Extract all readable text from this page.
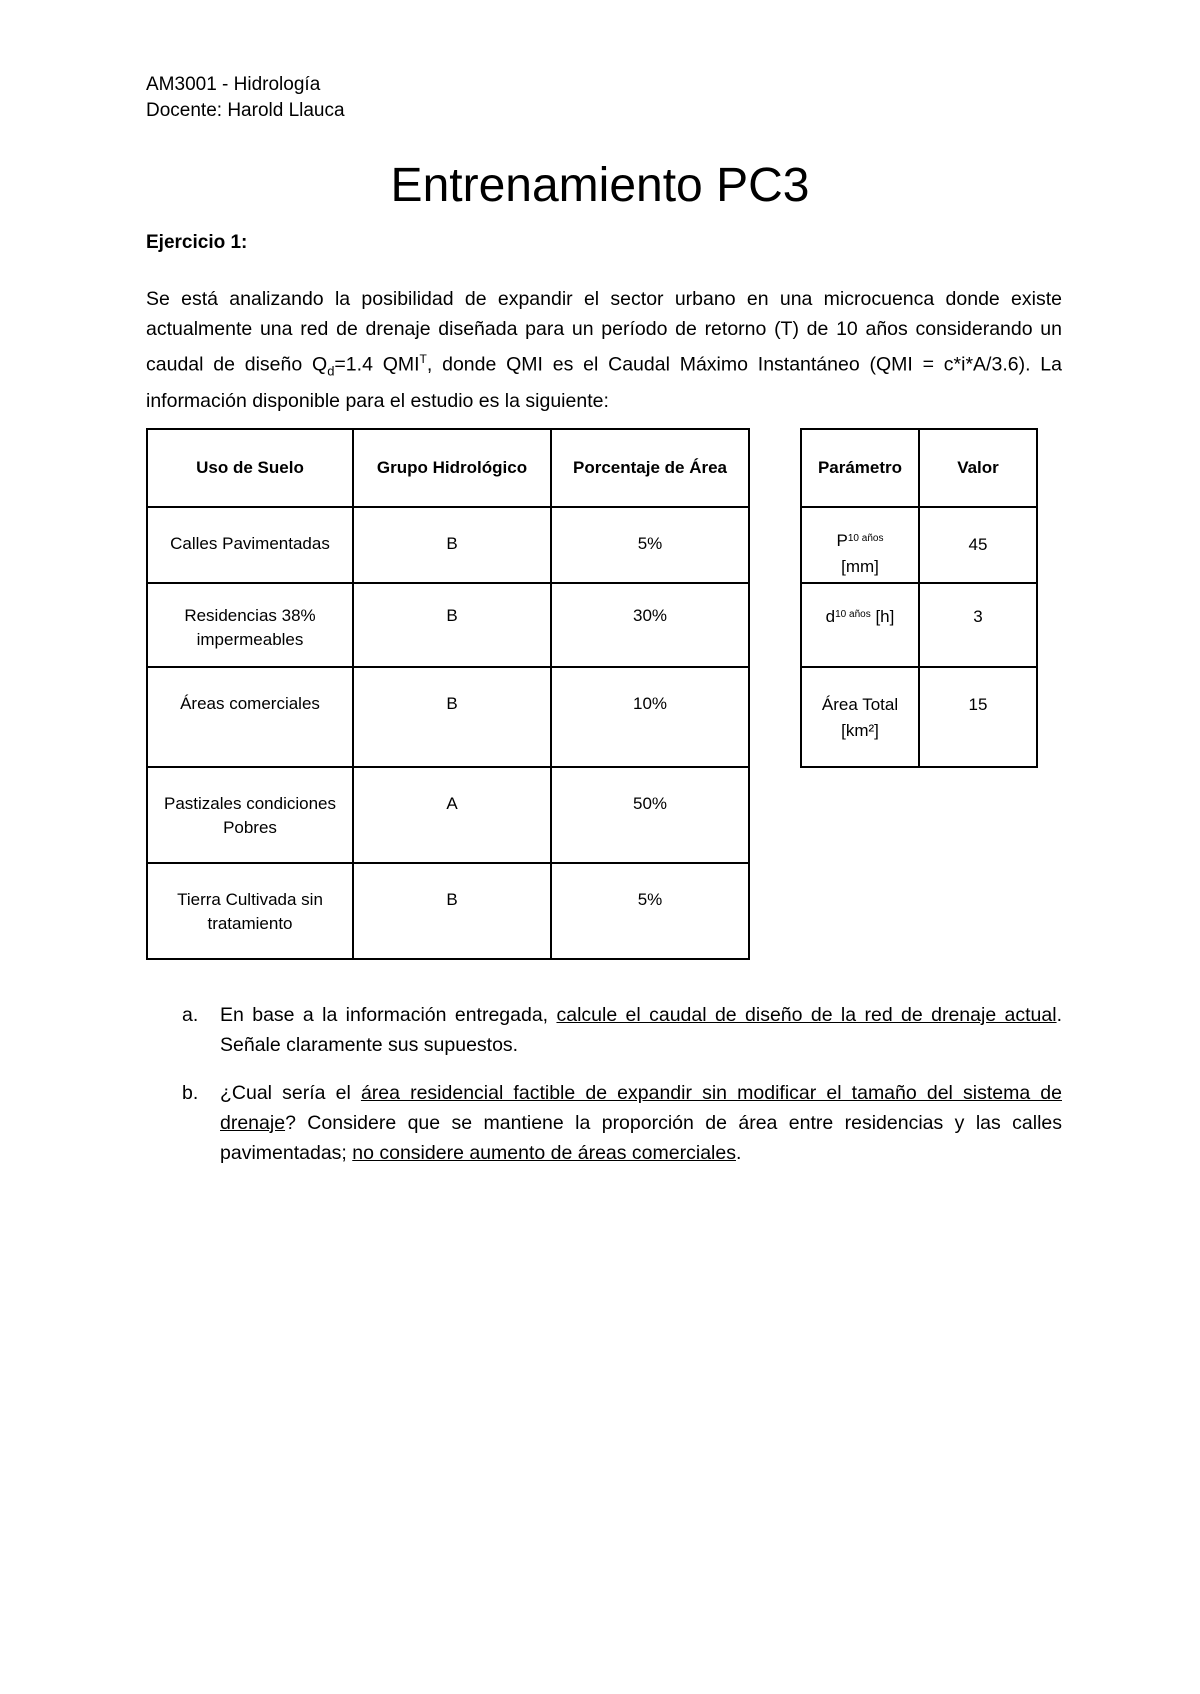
AM3001 - Hidrología
Docente: Harold Llauca
Entrenamiento PC3
Ejercicio 1:
Se está analizando la posibilidad de expandir el sector urbano en una microcuenca donde existe actualmente una red de drenaje diseñada para un período de retorno (T) de 10 años considerando un caudal de diseño $Q_d=1.4$ $QMI^T$, donde QMI es el Caudal Máximo Instantáneo (QMI = c*i*A/3.6). La información disponible para el estudio es la siguiente:
Uso de Suelo	Grupo Hidrológico	Porcentaje de Área
Calles Pavimentadas	B	5%
Residencias 38% impermeables	B	30%
Áreas comerciales	B	10%
Pastizales condiciones Pobres	A	50%
Tierra Cultivada sin tratamiento	B	5%
Parámetro	Valor
$P^{10 años}$
[mm]	45
$d^{10 años}$ [h]	3
Área Total
[km²]	15
a. En base a la información entregada, calcule el caudal de diseño de la red de drenaje actual. Señale claramente sus supuestos.
b. ¿Cual sería el área residencial factible de expandir sin modificar el tamaño del sistema de drenaje? Considere que se mantiene la proporción de área entre residencias y las calles pavimentadas; no considere aumento de áreas comerciales.
